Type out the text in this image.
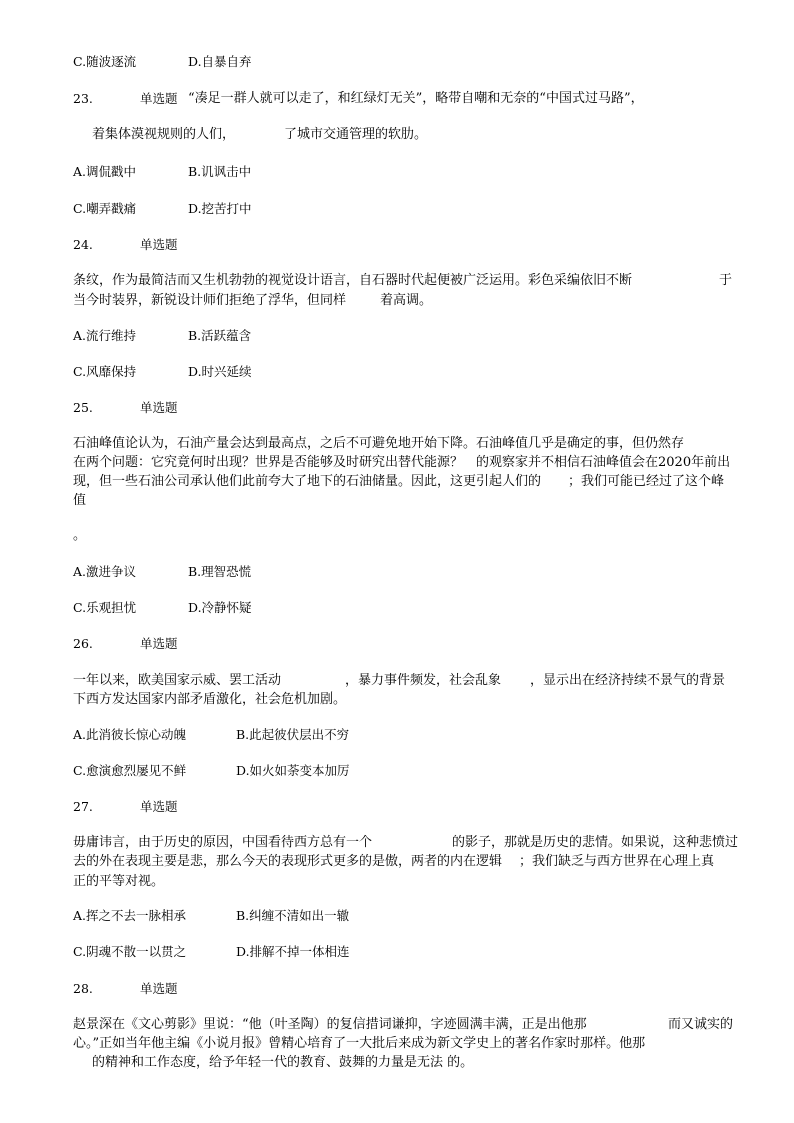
C.随波逐流	D.自暴自弃
23.	单选题 “凑足一群人就可以走了，和红绿灯无关”，略带自嘲和无奈的“中国式过马路”，
着集体漠视规则的人们，	了城市交通管理的软肋。
A.调侃戳中	B.讥讽击中
C.嘲弄戳痛	D.挖苦打中
24.	单选题
条纹，作为最简洁而又生机勃勃的视觉设计语言，自石器时代起便被广泛运用。彩色采编依旧不断	于
当今时装界，新锐设计师们拒绝了浮华，但同样	着高调。
A.流行维持	B.活跃蕴含
C.风靡保持	D.时兴延续
25.	单选题
石油峰值论认为，石油产量会达到最高点，之后不可避免地开始下降。石油峰值几乎是确定的事，但仍然存
在两个问题：它究竟何时出现？世界是否能够及时研究出替代能源？　的观察家并不相信石油峰值会在2020年前出
现，但一些石油公司承认他们此前夸大了地下的石油储量。因此，这更引起人们的 ；我们可能已经过了这个峰
值
。
A.激进争议	B.理智恐慌
C.乐观担忧	D.冷静怀疑
26.	单选题
一年以来，欧美国家示威、罢工活动	，暴力事件频发，社会乱象 ，显示出在经济持续不景气的背景
下西方发达国家内部矛盾激化，社会危机加剧。
A.此消彼长惊心动魄	B.此起彼伏层出不穷
C.愈演愈烈屡见不鲜	D.如火如荼变本加厉
27.	单选题
毋庸讳言，由于历史的原因，中国看待西方总有一个	的影子，那就是历史的悲情。如果说，这种悲愤过
去的外在表现主要是悲，那么今天的表现形式更多的是傲，两者的内在逻辑 ；我们缺乏与西方世界在心理上真
正的平等对视。
A.挥之不去一脉相承	B.纠缠不清如出一辙
C.阴魂不散一以贯之	D.排解不掉一体相连
28.	单选题
赵景深在《文心剪影》里说：“他（叶圣陶）的复信措词谦抑，字迹圆满丰满，正是出他那	而又诚实的
心。”正如当年他主编《小说月报》曾精心培育了一大批后来成为新文学史上的著名作家时那样。他那
的精神和工作态度，给予年轻一代的教育、鼓舞的力量是无法 的。
